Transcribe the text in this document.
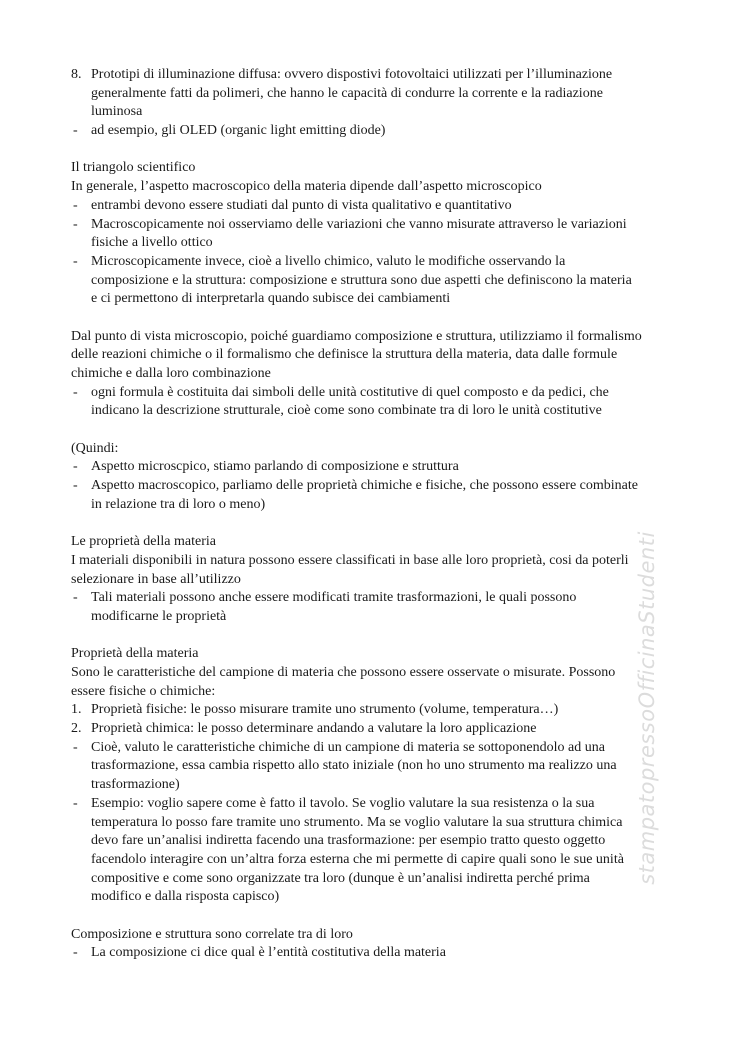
8. Prototipi di illuminazione diffusa: ovvero dispostivi fotovoltaici utilizzati per l’illuminazione
generalmente fatti da polimeri, che hanno le capacità di condurre la corrente e la radiazione
luminosa
- ad esempio, gli OLED (organic light emitting diode)
Il triangolo scientifico
In generale, l’aspetto macroscopico della materia dipende dall’aspetto microscopico
- entrambi devono essere studiati dal punto di vista qualitativo e quantitativo
- Macroscopicamente noi osserviamo delle variazioni che vanno misurate attraverso le variazioni
fisiche a livello ottico
- Microscopicamente invece, cioè a livello chimico, valuto le modifiche osservando la
composizione e la struttura: composizione e struttura sono due aspetti che definiscono la materia
e ci permettono di interpretarla quando subisce dei cambiamenti
Dal punto di vista microscopio, poiché guardiamo composizione e struttura, utilizziamo il formalismo
delle reazioni chimiche o il formalismo che definisce la struttura della materia, data dalle formule
chimiche e dalla loro combinazione
- ogni formula è costituita dai simboli delle unità costitutive di quel composto e da pedici, che
indicano la descrizione strutturale, cioè come sono combinate tra di loro le unità costitutive
(Quindi:
- Aspetto microscpico, stiamo parlando di composizione e struttura
- Aspetto macroscopico, parliamo delle proprietà chimiche e fisiche, che possono essere combinate
in relazione tra di loro o meno)
Le proprietà della materia
I materiali disponibili in natura possono essere classificati in base alle loro proprietà, cosi da poterli
selezionare in base all’utilizzo
- Tali materiali possono anche essere modificati tramite trasformazioni, le quali possono
modificarne le proprietà
Proprietà della materia
Sono le caratteristiche del campione di materia che possono essere osservate o misurate. Possono
essere fisiche o chimiche:
1. Proprietà fisiche: le posso misurare tramite uno strumento (volume, temperatura…)
2. Proprietà chimica: le posso determinare andando a valutare la loro applicazione
- Cioè, valuto le caratteristiche chimiche di un campione di materia se sottoponendolo ad una
trasformazione, essa cambia rispetto allo stato iniziale (non ho uno strumento ma realizzo una
trasformazione)
- Esempio: voglio sapere come è fatto il tavolo. Se voglio valutare la sua resistenza o la sua
temperatura lo posso fare tramite uno strumento. Ma se voglio valutare la sua struttura chimica
devo fare un’analisi indiretta facendo una trasformazione: per esempio tratto questo oggetto
facendolo interagire con un’altra forza esterna che mi permette di capire quali sono le sue unità
compositive e come sono organizzate tra loro (dunque è un’analisi indiretta perché prima
modifico e dalla risposta capisco)
Composizione e struttura sono correlate tra di loro
- La composizione ci dice qual è l’entità costitutiva della materia
stampatopressoOfficinaStudenti
